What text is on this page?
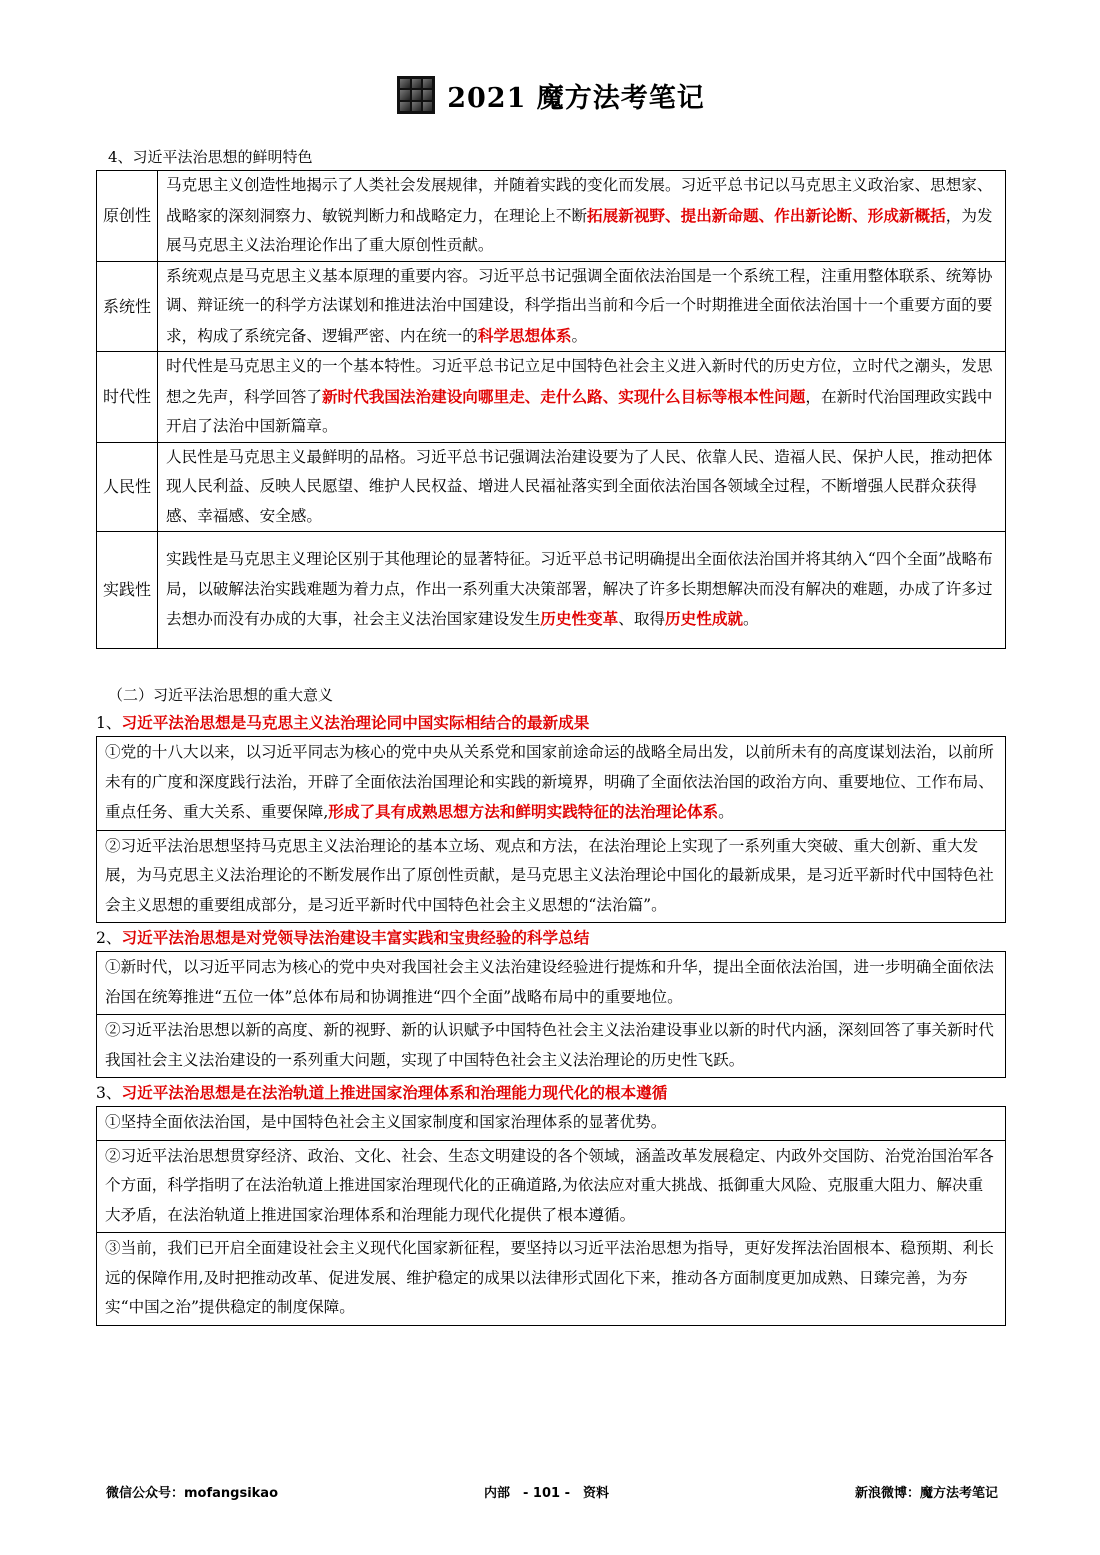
2021 魔方法考笔记
4、习近平法治思想的鲜明特色
原创性	马克思主义创造性地揭示了人类社会发展规律，并随着实践的变化而发展。习近平总书记以马克思主义政治家、思想家、战略家的深刻洞察力、敏锐判断力和战略定力，在理论上不断拓展新视野、提出新命题、作出新论断、形成新概括，为发展马克思主义法治理论作出了重大原创性贡献。
系统性	系统观点是马克思主义基本原理的重要内容。习近平总书记强调全面依法治国是一个系统工程，注重用整体联系、统筹协调、辩证统一的科学方法谋划和推进法治中国建设，科学指出当前和今后一个时期推进全面依法治国十一个重要方面的要求，构成了系统完备、逻辑严密、内在统一的科学思想体系。
时代性	时代性是马克思主义的一个基本特性。习近平总书记立足中国特色社会主义进入新时代的历史方位，立时代之潮头，发思想之先声，科学回答了新时代我国法治建设向哪里走、走什么路、实现什么目标等根本性问题，在新时代治国理政实践中开启了法治中国新篇章。
人民性	人民性是马克思主义最鲜明的品格。习近平总书记强调法治建设要为了人民、依靠人民、造福人民、保护人民，推动把体现人民利益、反映人民愿望、维护人民权益、增进人民福祉落实到全面依法治国各领域全过程，不断增强人民群众获得感、幸福感、安全感。
实践性	实践性是马克思主义理论区别于其他理论的显著特征。习近平总书记明确提出全面依法治国并将其纳入“四个全面”战略布局，以破解法治实践难题为着力点，作出一系列重大决策部署，解决了许多长期想解决而没有解决的难题，办成了许多过去想办而没有办成的大事，社会主义法治国家建设发生历史性变革、取得历史性成就。
（二）习近平法治思想的重大意义
1、习近平法治思想是马克思主义法治理论同中国实际相结合的最新成果
①党的十八大以来，以习近平同志为核心的党中央从关系党和国家前途命运的战略全局出发，以前所未有的高度谋划法治，以前所未有的广度和深度践行法治，开辟了全面依法治国理论和实践的新境界，明确了全面依法治国的政治方向、重要地位、工作布局、重点任务、重大关系、重要保障,形成了具有成熟思想方法和鲜明实践特征的法治理论体系。
②习近平法治思想坚持马克思主义法治理论的基本立场、观点和方法，在法治理论上实现了一系列重大突破、重大创新、重大发展，为马克思主义法治理论的不断发展作出了原创性贡献，是马克思主义法治理论中国化的最新成果，是习近平新时代中国特色社会主义思想的重要组成部分，是习近平新时代中国特色社会主义思想的“法治篇”。
2、习近平法治思想是对党领导法治建设丰富实践和宝贵经验的科学总结
①新时代，以习近平同志为核心的党中央对我国社会主义法治建设经验进行提炼和升华，提出全面依法治国，进一步明确全面依法治国在统筹推进“五位一体”总体布局和协调推进“四个全面”战略布局中的重要地位。
②习近平法治思想以新的高度、新的视野、新的认识赋予中国特色社会主义法治建设事业以新的时代内涵，深刻回答了事关新时代我国社会主义法治建设的一系列重大问题，实现了中国特色社会主义法治理论的历史性飞跃。
3、习近平法治思想是在法治轨道上推进国家治理体系和治理能力现代化的根本遵循
①坚持全面依法治国，是中国特色社会主义国家制度和国家治理体系的显著优势。
②习近平法治思想贯穿经济、政治、文化、社会、生态文明建设的各个领域，涵盖改革发展稳定、内政外交国防、治党治国治军各个方面，科学指明了在法治轨道上推进国家治理现代化的正确道路,为依法应对重大挑战、抵御重大风险、克服重大阻力、解决重大矛盾，在法治轨道上推进国家治理体系和治理能力现代化提供了根本遵循。
③当前，我们已开启全面建设社会主义现代化国家新征程，要坚持以习近平法治思想为指导，更好发挥法治固根本、稳预期、利长远的保障作用,及时把推动改革、促进发展、维护稳定的成果以法律形式固化下来，推动各方面制度更加成熟、日臻完善，为夯实“中国之治”提供稳定的制度保障。
微信公众号：mofangsikao	内部　- 101 -　资料	新浪微博：魔方法考笔记
